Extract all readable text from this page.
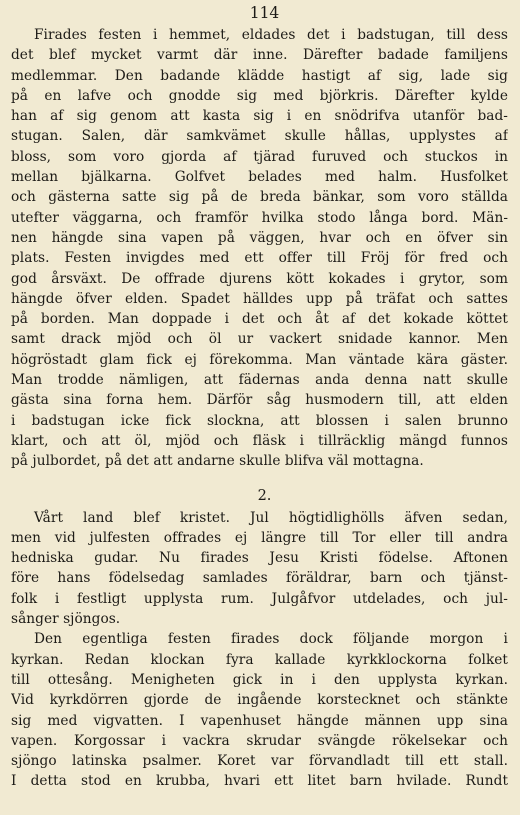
114
Firades festen i hemmet, eldades det i badstugan, till dess
det blef mycket varmt där inne. Därefter badade familjens
medlemmar. Den badande klädde hastigt af sig, lade sig
på en lafve och gnodde sig med björkris. Därefter kylde
han af sig genom att kasta sig i en snödrifva utanför bad-
stugan. Salen, där samkvämet skulle hållas, upplystes af
bloss, som voro gjorda af tjärad furuved och stuckos in
mellan bjälkarna. Golfvet belades med halm. Husfolket
och gästerna satte sig på de breda bänkar, som voro ställda
utefter väggarna, och framför hvilka stodo långa bord. Män-
nen hängde sina vapen på väggen, hvar och en öfver sin
plats. Festen invigdes med ett offer till Fröj för fred och
god årsväxt. De offrade djurens kött kokades i grytor, som
hängde öfver elden. Spadet hälldes upp på träfat och sattes
på borden. Man doppade i det och åt af det kokade köttet
samt drack mjöd och öl ur vackert snidade kannor. Men
högröstadt glam fick ej förekomma. Man väntade kära gäster.
Man trodde nämligen, att fädernas anda denna natt skulle
gästa sina forna hem. Därför såg husmodern till, att elden
i badstugan icke fick slockna, att blossen i salen brunno
klart, och att öl, mjöd och fläsk i tillräcklig mängd funnos
på julbordet, på det att andarne skulle blifva väl mottagna.
2.
Vårt land blef kristet. Jul högtidlighölls äfven sedan,
men vid julfesten offrades ej längre till Tor eller till andra
hedniska gudar. Nu firades Jesu Kristi födelse. Aftonen
före hans födelsedag samlades föräldrar, barn och tjänst-
folk i festligt upplysta rum. Julgåfvor utdelades, och jul-
sånger sjöngos.
Den egentliga festen firades dock följande morgon i
kyrkan. Redan klockan fyra kallade kyrkklockorna folket
till ottesång. Menigheten gick in i den upplysta kyrkan.
Vid kyrkdörren gjorde de ingående korstecknet och stänkte
sig med vigvatten. I vapenhuset hängde männen upp sina
vapen. Korgossar i vackra skrudar svängde rökelsekar och
sjöngo latinska psalmer. Koret var förvandladt till ett stall.
I detta stod en krubba, hvari ett litet barn hvilade. Rundt
